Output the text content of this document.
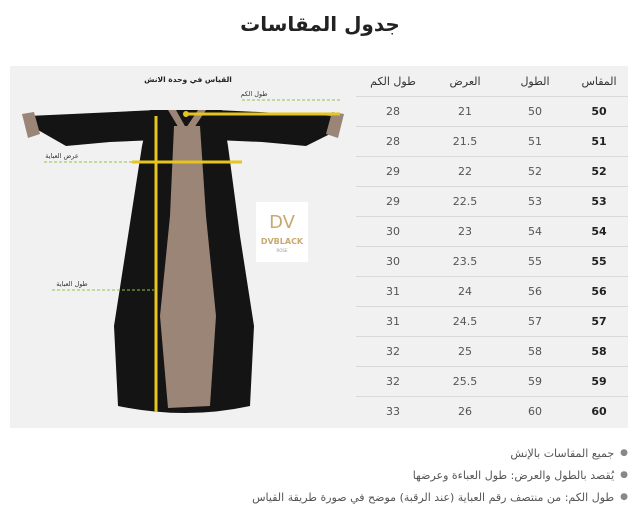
جدول المقاسات
القياس في وحدة الانش
طول الكم
عرض العباية
طول العباية
DV
DVBLACK
ROSE
المقاس
الطول
العرض
طول الكم
50
50
21
28
51
51
21.5
28
52
52
22
29
53
53
22.5
29
54
54
23
30
55
55
23.5
30
56
56
24
31
57
57
24.5
31
58
58
25
32
59
59
25.5
32
60
60
26
33
●
جميع المقاسات بالإنش
●
يُقصد بالطول والعرض: طول العباءة وعرضها
●
طول الكم: من منتصف رقم العباية (عند الرقبة) موضح في صورة طريقة القياس
